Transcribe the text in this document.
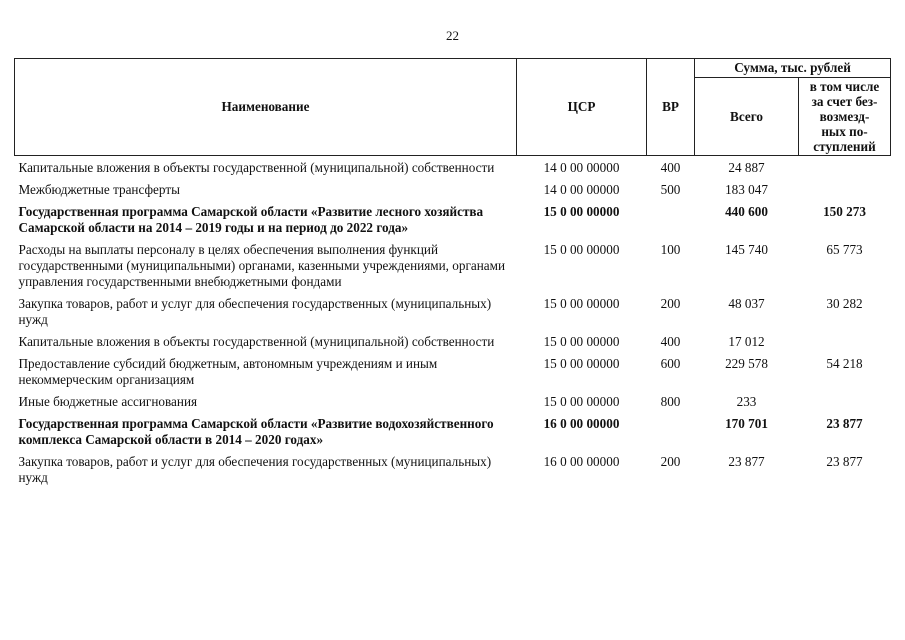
22
Наименование	ЦСР	ВР	Сумма, тыс. рублей	
			Всего	в том числе
за счет без-
возмезд-
ных по-
ступлений
Капитальные вложения в объекты государственной (муниципальной) собственности	14 0 00 00000	400	24 887	
Межбюджетные трансферты	14 0 00 00000	500	183 047	
Государственная программа Самарской области «Развитие лесного хозяйства Самарской области на 2014 – 2019 годы и на период до 2022 года»	15 0 00 00000		440 600	150 273
Расходы на выплаты персоналу в целях обеспечения выполнения функций государственными (муниципальными) органами, казенными учреждениями, органами управления государственными внебюджетными фондами	15 0 00 00000	100	145 740	65 773
Закупка товаров, работ и услуг для обеспечения государственных (муниципальных) нужд	15 0 00 00000	200	48 037	30 282
Капитальные вложения в объекты государственной (муниципальной) собственности	15 0 00 00000	400	17 012	
Предоставление субсидий бюджетным, автономным учреждениям и иным некоммерческим организациям	15 0 00 00000	600	229 578	54 218
Иные бюджетные ассигнования	15 0 00 00000	800	233	
Государственная программа Самарской области «Развитие водохозяйственного комплекса Самарской области в 2014 – 2020 годах»	16 0 00 00000		170 701	23 877
Закупка товаров, работ и услуг для обеспечения государственных (муниципальных) нужд	16 0 00 00000	200	23 877	23 877
